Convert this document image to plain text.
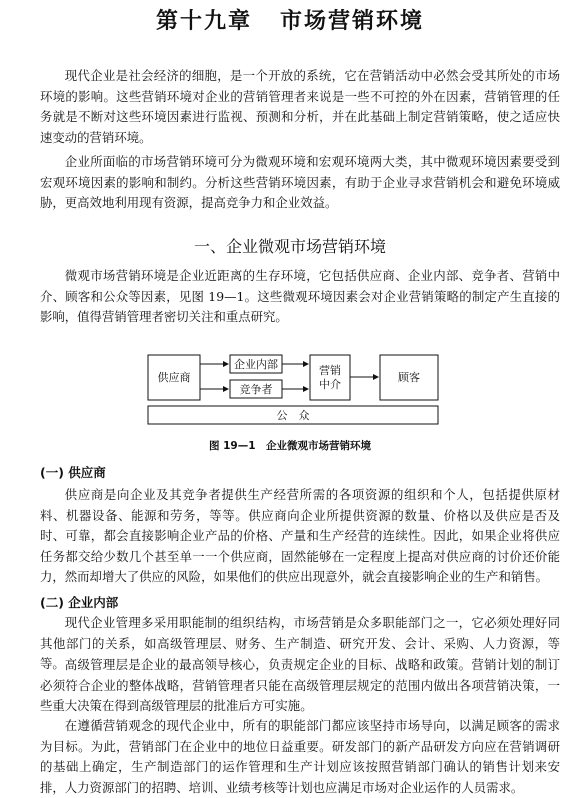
第十九章 市场营销环境

现代企业是社会经济的细胞，是一个开放的系统，它在营销活动中必然会受其所处的市场环境的影响。这些营销环境对企业的营销管理者来说是一些不可控的外在因素，营销管理的任务就是不断对这些环境因素进行监视、预测和分析，并在此基础上制定营销策略，使之适应快速变动的营销环境。

企业所面临的市场营销环境可分为微观环境和宏观环境两大类，其中微观环境因素要受到宏观环境因素的影响和制约。分析这些营销环境因素，有助于企业寻求营销机会和避免环境威胁，更高效地利用现有资源，提高竞争力和企业效益。

一、企业微观市场营销环境

微观市场营销环境是企业近距离的生存环境，它包括供应商、企业内部、竞争者、营销中介、顾客和公众等因素，见图 19—1。这些微观环境因素会对企业营销策略的制定产生直接的影响，值得营销管理者密切关注和重点研究。

供应商
企业内部
竞争者
营销
中介
顾客
公　众

图 19—1　企业微观市场营销环境

(一) 供应商

供应商是向企业及其竞争者提供生产经营所需的各项资源的组织和个人，包括提供原材料、机器设备、能源和劳务，等等。供应商向企业所提供资源的数量、价格以及供应是否及时、可靠，都会直接影响企业产品的价格、产量和生产经营的连续性。因此，如果企业将供应任务都交给少数几个甚至单一一个供应商，固然能够在一定程度上提高对供应商的讨价还价能力，然而却增大了供应的风险，如果他们的供应出现意外，就会直接影响企业的生产和销售。

(二) 企业内部

现代企业管理多采用职能制的组织结构，市场营销是众多职能部门之一，它必须处理好同其他部门的关系，如高级管理层、财务、生产制造、研究开发、会计、采购、人力资源，等等。 高级管理层是企业的最高领导核心，负责规定企业的目标、战略和政策。营销计划的制订必须符合企业的整体战略，营销管理者只能在高级管理层规定的范围内做出各项营销决策，一些重大决策在得到高级管理层的批准后方可实施。

在遵循营销观念的现代企业中，所有的职能部门都应该坚持市场导向，以满足顾客的需求为目标。为此，营销部门在企业中的地位日益重要。研发部门的新产品研发方向应在营销调研的基础上确定，生产制造部门的运作管理和生产计划应该按照营销部门确认的销售计划来安排，人力资源部门的招聘、培训、业绩考核等计划也应满足市场对企业运作的人员需求。
